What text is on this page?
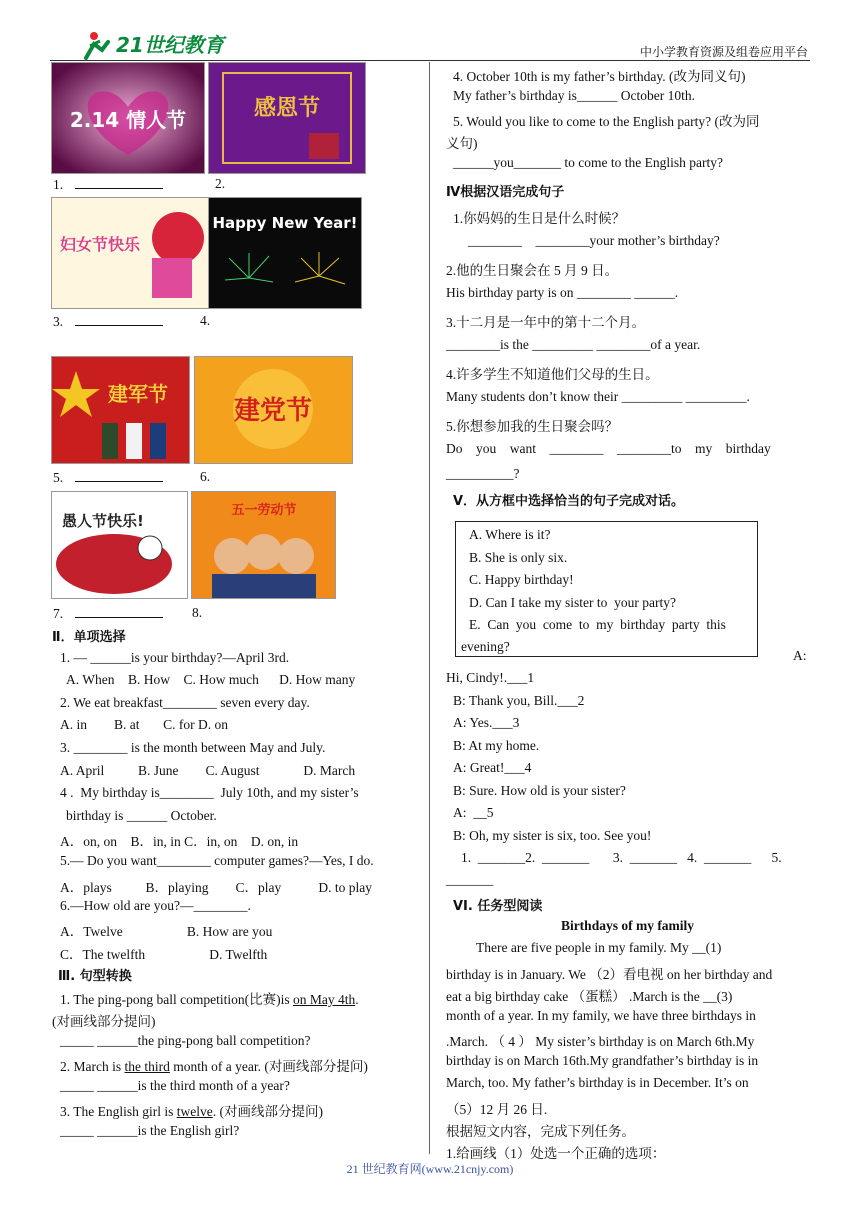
21世纪教育	中小学教育资源及组卷应用平台
2.14 情人节	感恩节
1.	2.
妇女节快乐
Happy New Year!
3.	4.
建军节
建党节
5.	6.
愚人节快乐!
五一劳动节
7.	8.
Ⅱ．单项选择
1. — ______is your birthday?—April 3rd.
A. When    B. How    C. How much      D. How many
2. We eat breakfast________ seven every day.
A. in        B. at       C. for D. on
3. ________ is the month between May and July.
A. April          B. June        C. August             D. March
4 .  My birthday is________  July 10th, and my sister’s
birthday is ______ October.
A．on, on    B．in, in C．in, on    D. on, in
5.— Do you want________ computer games?—Yes, I do.
A．plays          B．playing        C．play           D. to play
6.—How old are you?—________.
A．Twelve                   B. How are you
C．The twelfth                   D. Twelfth
Ⅲ. 句型转换
1. The ping-pong ball competition(比赛)is on May 4th.
(对画线部分提问)
_____ ______the ping-pong ball competition?
2. March is the third month of a year. (对画线部分提问)
_____ ______is the third month of a year?
3. The English girl is twelve. (对画线部分提问)
_____ ______is the English girl?
4. October 10th is my father’s birthday. (改为同义句)
My father’s birthday is______ October 10th.
5. Would you like to come to the English party? (改为同
义句)
______you_______ to come to the English party?
Ⅳ根据汉语完成句子
1.你妈妈的生日是什么时候？
________    ________your mother’s birthday?
2.他的生日聚会在 5 月 9 日。
His birthday party is on ________ ______.
3.十二月是一年中的第十二个月。
________is the _________ ________of a year.
4.许多学生不知道他们父母的生日。
Many students don’t know their _________ _________.
5.你想参加我的生日聚会吗？
Do    you    want    ________    ________to    my    birthday
__________?
Ⅴ．从方框中选择恰当的句子完成对话。
A. Where is it?
B. She is only six.
C. Happy birthday!
D. Can I take my sister to  your party?
E.  Can  you  come  to  my  birthday  party  this
evening?
A:
Hi, Cindy!.___1
B: Thank you, Bill.___2
A: Yes.___3
B: At my home.
A: Great!___4
B: Sure. How old is your sister?
A:  __5
B: Oh, my sister is six, too. See you!
1.  _______2.  _______       3.  _______   4.  _______      5.
_______
VI. 任务型阅读
Birthdays of my family
There are five people in my family. My __(1)
birthday is in January. We （2）看电视 on her birthday and
eat a big birthday cake （蛋糕） .March is the __(3)
month of a year. In my family, we have three birthdays in
.March. （ 4 ） My sister’s birthday is on March 6th.My
birthday is on March 16th.My grandfather’s birthday is in
March, too. My father’s birthday is in December. It’s on
（5）12 月 26 日.
根据短文内容，完成下列任务。
1.给画线（1）处选一个正确的选项：
21 世纪教育网(www.21cnjy.com)
